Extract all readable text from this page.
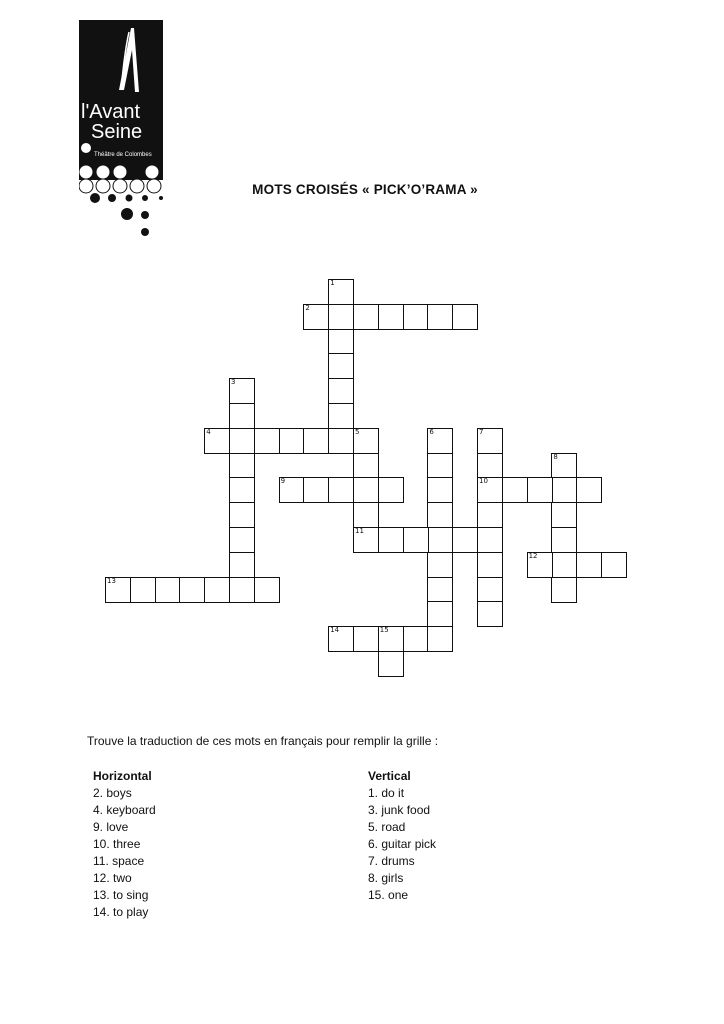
l'Avant
Seine
Théâtre de Colombes
MOTS CROISÉS « PICK’O’RAMA »
1
2
3
4	5
11
6	7
10
8
9
12
13
14	15
Trouve la traduction de ces mots en français pour remplir la grille :
Horizontal
2. boys
4. keyboard
9. love
10. three
11. space
12. two
13. to sing
14. to play
Vertical
1. do it
3. junk food
5. road
6. guitar pick
7. drums
8. girls
15. one
